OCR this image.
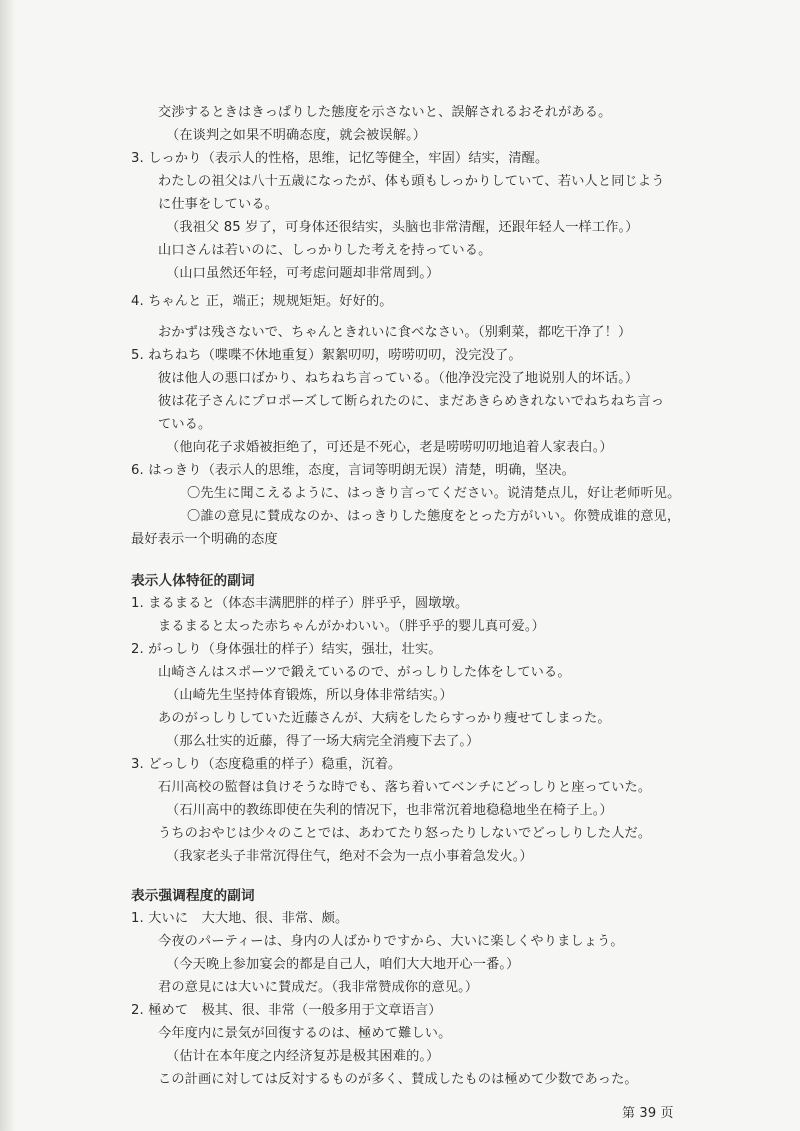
交渉するときはきっぱりした態度を示さないと、誤解されるおそれがある。
（在谈判之如果不明确态度，就会被误解。）
3. しっかり（表示人的性格，思维，记忆等健全，牢固）结实，清醒。
わたしの祖父は八十五歳になったが、体も頭もしっかりしていて、若い人と同じよう
に仕事をしている。
（我祖父 85 岁了，可身体还很结实，头脑也非常清醒，还跟年轻人一样工作。）
山口さんは若いのに、しっかりした考えを持っている。
（山口虽然还年轻，可考虑问题却非常周到。）
4. ちゃんと 正，端正；规规矩矩。好好的。
おかずは残さないで、ちゃんときれいに食べなさい。（别剩菜，都吃干净了！）
5. ねちねち（喋喋不休地重复）絮絮叨叨，唠唠叨叨，没完没了。
彼は他人の悪口ばかり、ねちねち言っている。（他净没完没了地说别人的坏话。）
彼は花子さんにプロポーズして断られたのに、まだあきらめきれないでねちねち言っ
ている。
（他向花子求婚被拒绝了，可还是不死心，老是唠唠叨叨地追着人家表白。）
6. はっきり（表示人的思维，态度，言词等明朗无误）清楚，明确，坚决。
〇先生に聞こえるように、はっきり言ってください。说清楚点儿，好让老师听见。
〇誰の意見に賛成なのか、はっきりした態度をとった方がいい。你赞成谁的意见，
最好表示一个明确的态度
表示人体特征的副词
1. まるまると（体态丰满肥胖的样子）胖乎乎，圆墩墩。
まるまると太った赤ちゃんがかわいい。（胖乎乎的婴儿真可爱。）
2. がっしり（身体强壮的样子）结实，强壮，壮实。
山崎さんはスポーツで鍛えているので、がっしりした体をしている。
（山崎先生坚持体育锻炼，所以身体非常结实。）
あのがっしりしていた近藤さんが、大病をしたらすっかり痩せてしまった。
（那么壮实的近藤，得了一场大病完全消瘦下去了。）
3. どっしり（态度稳重的样子）稳重，沉着。
石川高校の監督は負けそうな時でも、落ち着いてベンチにどっしりと座っていた。
（石川高中的教练即使在失利的情况下，也非常沉着地稳稳地坐在椅子上。）
うちのおやじは少々のことでは、あわてたり怒ったりしないでどっしりした人だ。
（我家老头子非常沉得住气，绝对不会为一点小事着急发火。）
表示强调程度的副词
1. 大いに　大大地、很、非常、颇。
今夜のパーティーは、身内の人ばかりですから、大いに楽しくやりましょう。
（今天晚上参加宴会的都是自己人，咱们大大地开心一番。）
君の意見には大いに賛成だ。（我非常赞成你的意见。）
2. 極めて　极其、很、非常（一般多用于文章语言）
今年度内に景気が回復するのは、極めて難しい。
（估计在本年度之内经济复苏是极其困难的。）
この計画に対しては反対するものが多く、賛成したものは極めて少数であった。
第 39 页
